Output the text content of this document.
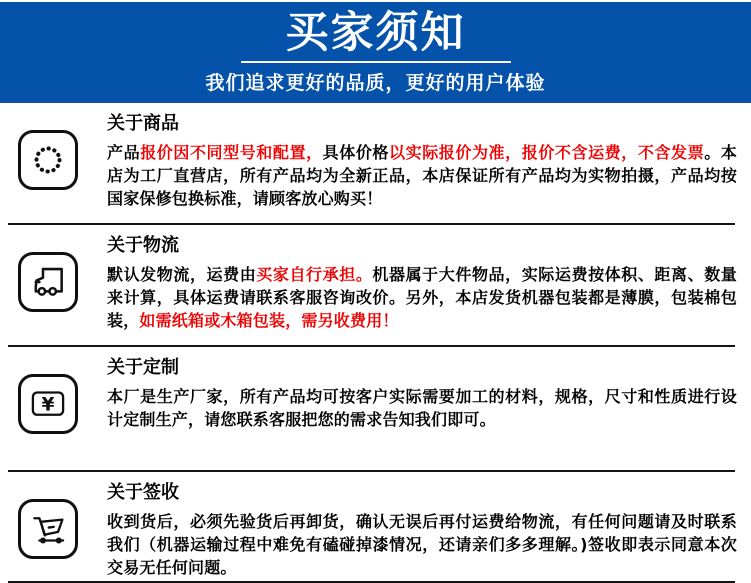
买家须知

我们追求更好的品质，更好的用户体验

关于商品

产品报价因不同型号和配置，具体价格以实际报价为准，报价不含运费，不含发票。本店为工厂直营店，所有产品均为全新正品，本店保证所有产品均为实物拍摄，产品均按国家保修包换标准，请顾客放心购买！

关于物流

默认发物流，运费由买家自行承担。机器属于大件物品，实际运费按体积、距离、数量来计算，具体运费请联系客服咨询改价。另外，本店发货机器包装都是薄膜，包装棉包装，如需纸箱或木箱包装，需另收费用！

¥
关于定制

本厂是生产厂家，所有产品均可按客户实际需要加工的材料，规格，尺寸和性质进行设计定制生产，请您联系客服把您的需求告知我们即可。

关于签收

收到货后，必须先验货后再卸货，确认无误后再付运费给物流，有任何问题请及时联系我们（机器运输过程中难免有磕碰掉漆情况，还请亲们多多理解。)签收即表示同意本次交易无任何问题。
